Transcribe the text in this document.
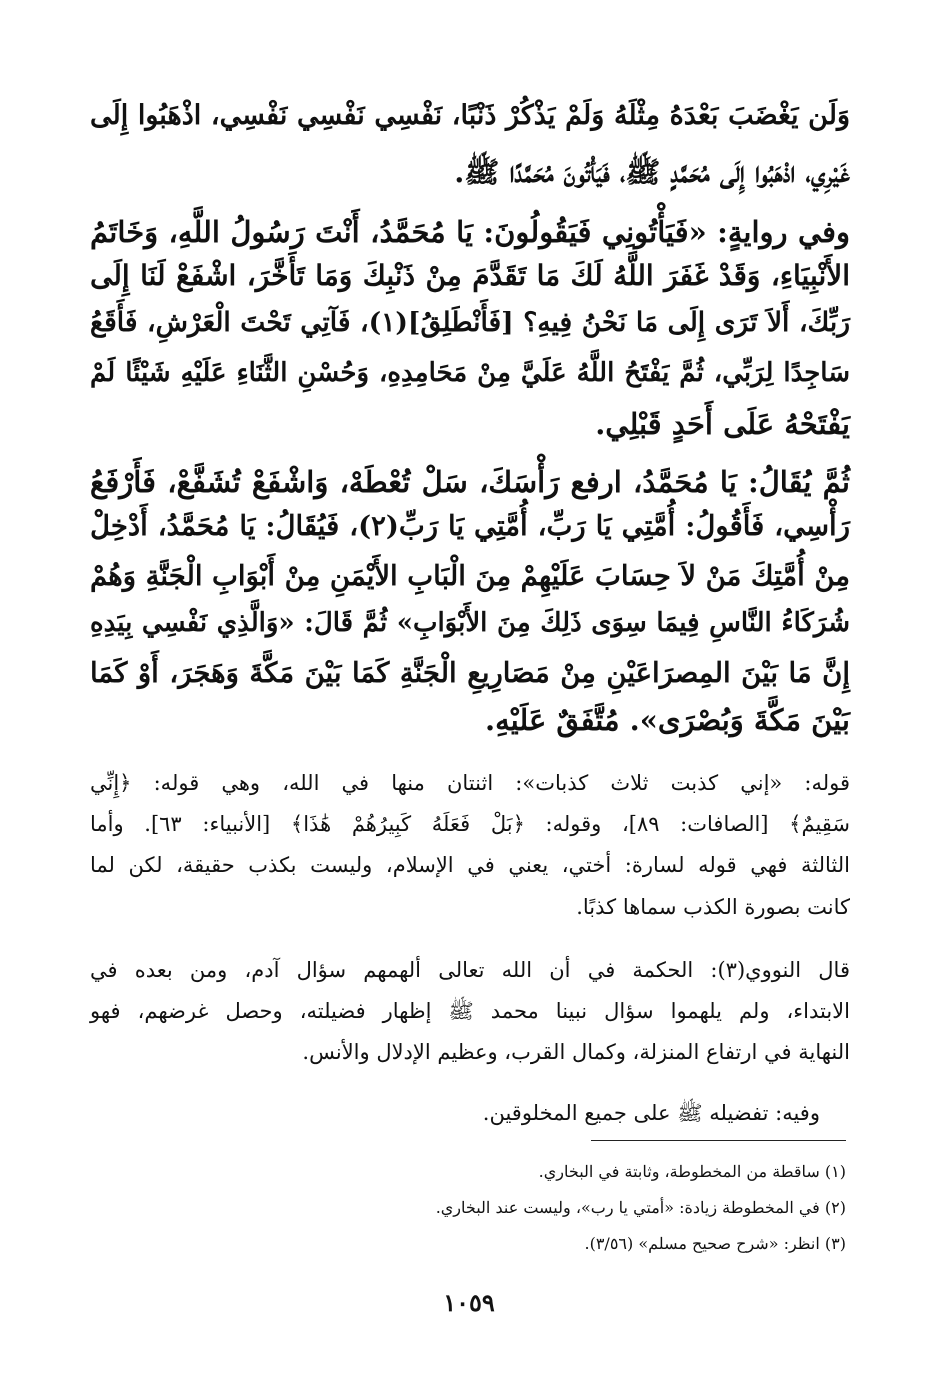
وَلَن يَغْضَبَ بَعْدَهُ مِثْلَهُ وَلَمْ يَذْكُرْ ذَنْبًا، نَفْسِي نَفْسِي نَفْسِي، اذْهَبُوا إِلَى
غَيْرِي، اذْهَبُوا إِلَى مُحَمَّدٍ ﷺ، فَيَأْتُونَ مُحَمَّدًا ﷺ.
وفي روايةٍ: «فَيَأْتُونِي فَيَقُولُونَ: يَا مُحَمَّدُ، أَنْتَ رَسُولُ اللَّهِ، وَخَاتَمُ
الأَنْبِيَاءِ، وَقَدْ غَفَرَ اللَّهُ لَكَ مَا تَقَدَّمَ مِنْ ذَنْبِكَ وَمَا تَأَخَّرَ، اشْفَعْ لَنَا إِلَى
رَبِّكَ، أَلاَ تَرَى إِلَى مَا نَحْنُ فِيهِ؟ [فَأَنْطَلِقُ](١)، فَآتِي تَحْتَ الْعَرْشِ، فَأَقَعُ
سَاجِدًا لِرَبِّي، ثُمَّ يَفْتَحُ اللَّهُ عَلَيَّ مِنْ مَحَامِدِهِ، وَحُسْنِ الثَّنَاءِ عَلَيْهِ شَيْئًا لَمْ
يَفْتَحْهُ عَلَى أَحَدٍ قَبْلِي.
ثُمَّ يُقَالُ: يَا مُحَمَّدُ، ارفع رَأْسَكَ، سَلْ تُعْطَهْ، وَاشْفَعْ تُشَفَّعْ، فَأَرْفَعُ
رَأْسِي، فَأَقُولُ: أُمَّتِي يَا رَبِّ، أُمَّتِي يَا رَبِّ(٢)، فَيُقَالُ: يَا مُحَمَّدُ، أَدْخِلْ
مِنْ أُمَّتِكَ مَنْ لاَ حِسَابَ عَلَيْهِمْ مِنَ الْبَابِ الأَيْمَنِ مِنْ أَبْوَابِ الْجَنَّةِ وَهُمْ
شُرَكَاءُ النَّاسِ فِيمَا سِوَى ذَلِكَ مِنَ الأَبْوَابِ» ثُمَّ قَالَ: «وَالَّذِي نَفْسِي بِيَدِهِ
إِنَّ مَا بَيْنَ المِصرَاعَيْنِ مِنْ مَصَارِيعِ الْجَنَّةِ كَمَا بَيْنَ مَكَّةَ وَهَجَرَ، أَوْ كَمَا
بَيْنَ مَكَّةَ وَبُصْرَى». مُتَّفَقٌ عَلَيْهِ.
قوله: «إني كذبت ثلاث كذبات»: اثنتان منها في الله، وهي قوله: ﴿إِنِّي
سَقِيمٌ﴾ [الصافات: ٨٩]، وقوله: ﴿بَلْ فَعَلَهُ كَبِيرُهُمْ هَٰذَا﴾ [الأنبياء: ٦٣]. وأما
الثالثة فهي قوله لسارة: أختي، يعني في الإسلام، وليست بكذب حقيقة، لكن لما
كانت بصورة الكذب سماها كذبًا.
قال النووي(٣): الحكمة في أن الله تعالى ألهمهم سؤال آدم، ومن بعده في
الابتداء، ولم يلهموا سؤال نبينا محمد ﷺ إظهار فضيلته، وحصل غرضهم، فهو
النهاية في ارتفاع المنزلة، وكمال القرب، وعظيم الإدلال والأنس.
وفيه: تفضيله ﷺ على جميع المخلوقين.
(١) ساقطة من المخطوطة، وثابتة في البخاري.
(٢) في المخطوطة زيادة: «أمتي يا رب»، وليست عند البخاري.
(٣) انظر: «شرح صحيح مسلم» (٣/٥٦).
١٠٥٩
